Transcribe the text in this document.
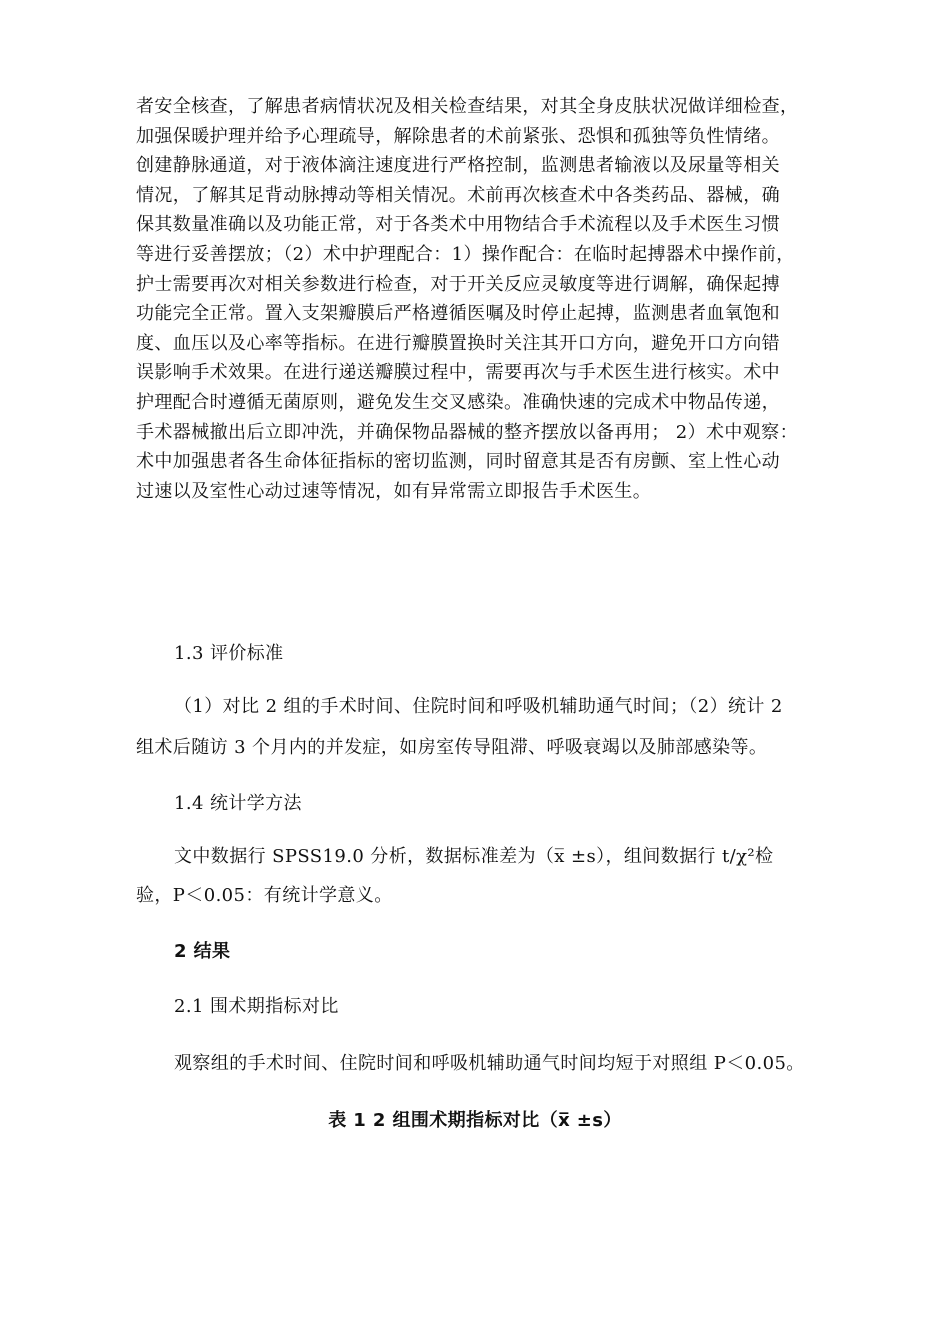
者安全核查，了解患者病情状况及相关检查结果，对其全身皮肤状况做详细检查，
加强保暖护理并给予心理疏导，解除患者的术前紧张、恐惧和孤独等负性情绪。
创建静脉通道，对于液体滴注速度进行严格控制，监测患者输液以及尿量等相关
情况，了解其足背动脉搏动等相关情况。术前再次核查术中各类药品、器械，确
保其数量准确以及功能正常，对于各类术中用物结合手术流程以及手术医生习惯
等进行妥善摆放；（2）术中护理配合：1）操作配合：在临时起搏器术中操作前，
护士需要再次对相关参数进行检查，对于开关反应灵敏度等进行调解，确保起搏
功能完全正常。置入支架瓣膜后严格遵循医嘱及时停止起搏，监测患者血氧饱和
度、血压以及心率等指标。在进行瓣膜置换时关注其开口方向，避免开口方向错
误影响手术效果。在进行递送瓣膜过程中，需要再次与手术医生进行核实。术中
护理配合时遵循无菌原则，避免发生交叉感染。准确快速的完成术中物品传递，
手术器械撤出后立即冲洗，并确保物品器械的整齐摆放以备再用； 2）术中观察：
术中加强患者各生命体征指标的密切监测，同时留意其是否有房颤、室上性心动
过速以及室性心动过速等情况，如有异常需立即报告手术医生。
1.3 评价标准
（1）对比 2 组的手术时间、住院时间和呼吸机辅助通气时间；（2）统计 2
组术后随访 3 个月内的并发症，如房室传导阻滞、呼吸衰竭以及肺部感染等。
1.4 统计学方法
文中数据行 SPSS19.0 分析，数据标准差为（x̅ ±s），组间数据行 t/χ²检
验，P＜0.05：有统计学意义。
2 结果
2.1 围术期指标对比
观察组的手术时间、住院时间和呼吸机辅助通气时间均短于对照组 P＜0.05。
表 1 2 组围术期指标对比（x̅ ±s）
